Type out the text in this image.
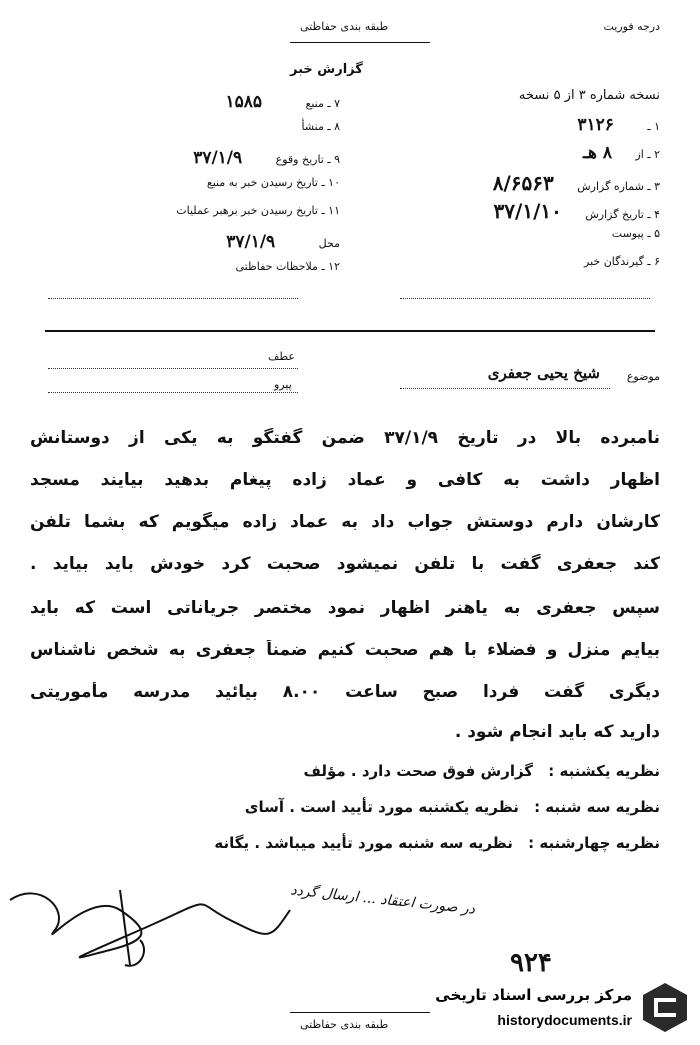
درجه فوریت
طبقه بندی حفاظتی
گزارش خبر
نسخه شماره ۳ از ۵ نسخه
۱ ـ ۳۱۲۶
۲ ـ از ۸ هـ
۳ ـ شماره گزارش ۸/۶۵۶۳
۴ ـ تاریخ گزارش ۳۷/۱/۱۰
۵ ـ پیوست
۶ ـ گیرندگان خبر
۷ ـ منبع ۱۵۸۵
۸ ـ منشأ
۹ ـ تاریخ وقوع ۳۷/۱/۹
۱۰ ـ تاریخ رسیدن خبر به منبع
۱۱ ـ تاریخ رسیدن خبر برهبر عملیات
محل ۳۷/۱/۹
۱۲ ـ ملاحظات حفاظتی
موضوع
شیخ یحیی جعفری
عطف
پیرو
نامبرده بالا در تاریخ ۳۷/۱/۹ ضمن گفتگو به یکی از دوستانش
اظهار داشت به کافی و عماد زاده پیغام بدهید بیایند مسجد
کارشان دارم دوستش جواب داد به عماد زاده میگویم که بشما تلفن
کند جعفری گفت با تلفن نمیشود صحبت کرد خودش باید بیاید .
سپس جعفری به یاهنر اظهار نمود مختصر جریاناتی است که باید
بیایم منزل و فضلاء با هم صحبت کنیم ضمناً جعفری به شخص ناشناس
دیگری گفت فردا صبح ساعت ۸.۰۰ بیائید مدرسه مأموریتی
دارید که باید انجام شود .
نظریه یکشنبه : گزارش فوق صحت دارد . مؤلف
نظریه سه شنبه : نظریه یکشنبه مورد تأیید است . آسای
نظریه چهارشنبه : نظریه سه شنبه مورد تأیید میباشد . یگانه
در صورت اعتقاد ... ارسال گردد
۹۲۴
طبقه بندی حفاظتی
مرکز بررسی اسناد تاریخی
historydocuments.ir
